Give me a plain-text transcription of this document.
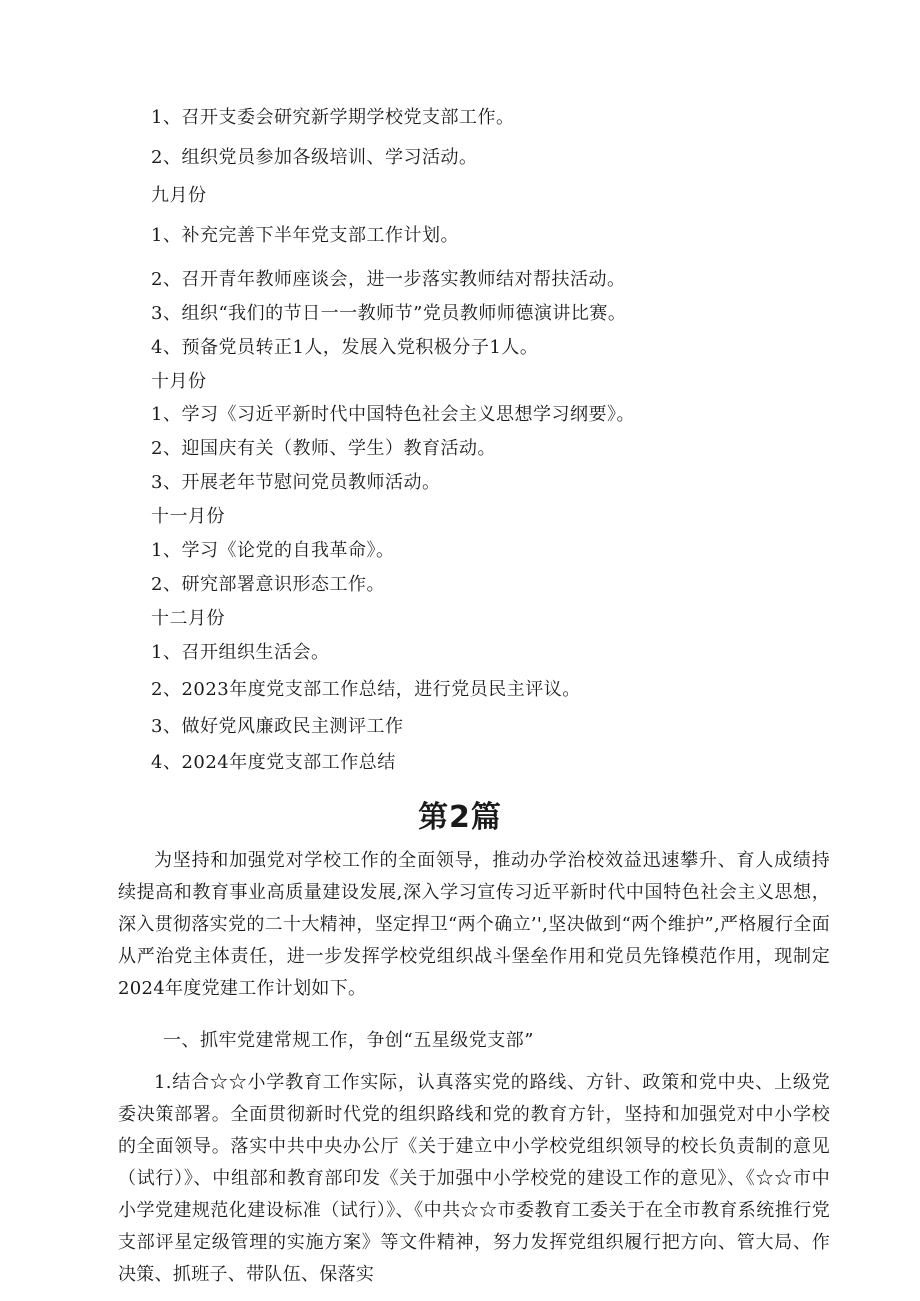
1、召开支委会研究新学期学校党支部工作。
2、组织党员参加各级培训、学习活动。
九月份
1、补充完善下半年党支部工作计划。
2、召开青年教师座谈会，进一步落实教师结对帮扶活动。
3、组织“我们的节日一一教师节”党员教师师德演讲比赛。
4、预备党员转正1人，发展入党积极分子1人。
十月份
1、学习《习近平新时代中国特色社会主义思想学习纲要》。
2、迎国庆有关（教师、学生）教育活动。
3、开展老年节慰问党员教师活动。
十一月份
1、学习《论党的自我革命》。
2、研究部署意识形态工作。
十二月份
1、召开组织生活会。
2、2023年度党支部工作总结，进行党员民主评议。
3、做好党风廉政民主测评工作
4、2024年度党支部工作总结
第2篇

为坚持和加强党对学校工作的全面领导，推动办学治校效益迅速攀升、育人成绩持续提高和教育事业高质量建设发展,深入学习宣传习近平新时代中国特色社会主义思想，深入贯彻落实党的二十大精神，坚定捍卫“两个确立’',坚决做到“两个维护”,严格履行全面从严治党主体责任，进一步发挥学校党组织战斗堡垒作用和党员先锋模范作用，现制定2024年度党建工作计划如下。

一、抓牢党建常规工作，争创“五星级党支部”

1.结合☆☆小学教育工作实际，认真落实党的路线、方针、政策和党中央、上级党委决策部署。全面贯彻新时代党的组织路线和党的教育方针，坚持和加强党对中小学校的全面领导。落实中共中央办公厅《关于建立中小学校党组织领导的校长负责制的意见（试行）》、中组部和教育部印发《关于加强中小学校党的建设工作的意见》、《☆☆市中小学党建规范化建设标准（试行）》、《中共☆☆市委教育工委关于在全市教育系统推行党支部评星定级管理的实施方案》等文件精神，努力发挥党组织履行把方向、管大局、作决策、抓班子、带队伍、保落实
